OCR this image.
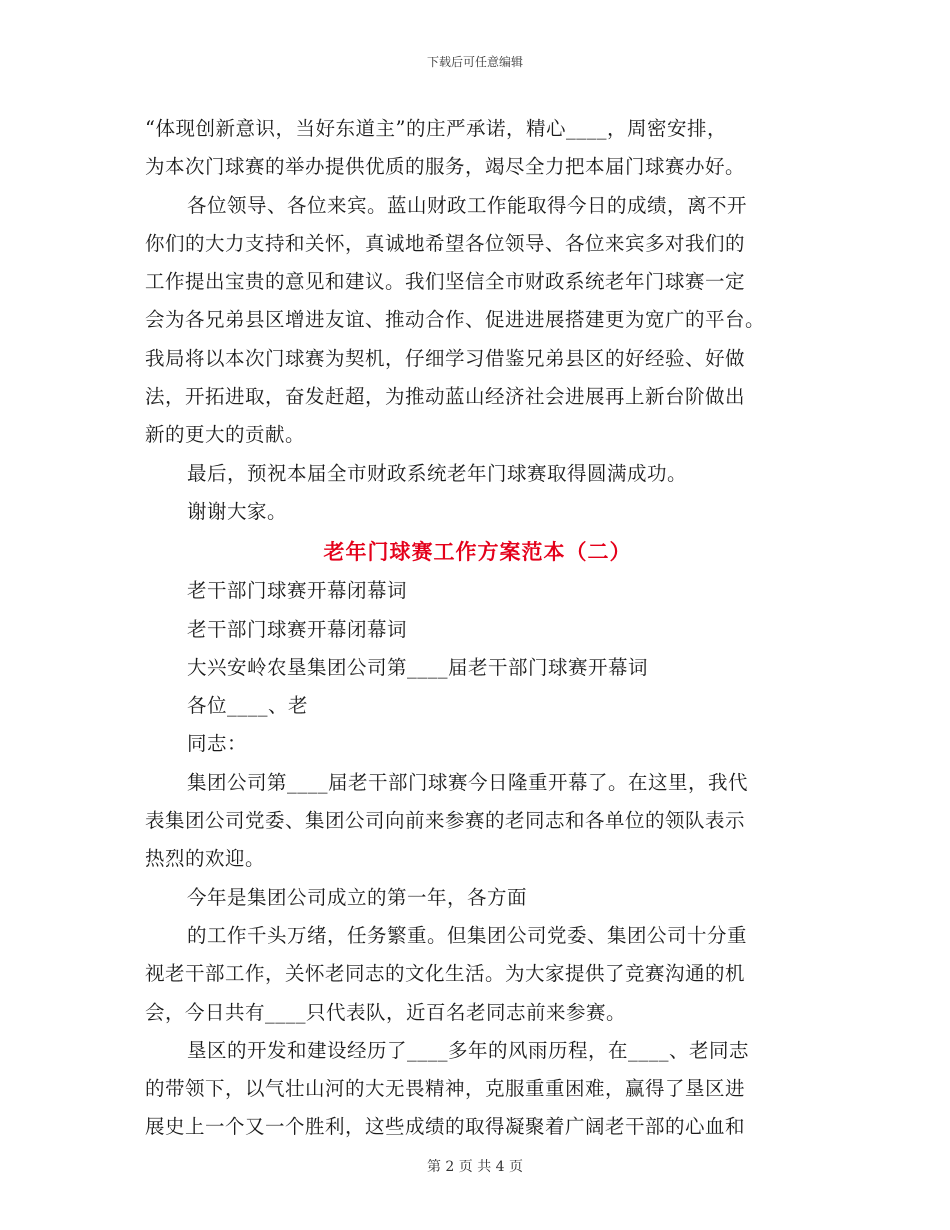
下载后可任意编辑
“体现创新意识，当好东道主”的庄严承诺，精心____，周密安排，
为本次门球赛的举办提供优质的服务，竭尽全力把本届门球赛办好。
各位领导、各位来宾。蓝山财政工作能取得今日的成绩，离不开
你们的大力支持和关怀，真诚地希望各位领导、各位来宾多对我们的
工作提出宝贵的意见和建议。我们坚信全市财政系统老年门球赛一定
会为各兄弟县区增进友谊、推动合作、促进进展搭建更为宽广的平台。
我局将以本次门球赛为契机，仔细学习借鉴兄弟县区的好经验、好做
法，开拓进取，奋发赶超，为推动蓝山经济社会进展再上新台阶做出
新的更大的贡献。
最后，预祝本届全市财政系统老年门球赛取得圆满成功。
谢谢大家。
老年门球赛工作方案范本（二）
老干部门球赛开幕闭幕词
老干部门球赛开幕闭幕词
大兴安岭农垦集团公司第____届老干部门球赛开幕词
各位____、老
同志：
集团公司第____届老干部门球赛今日隆重开幕了。在这里，我代
表集团公司党委、集团公司向前来参赛的老同志和各单位的领队表示
热烈的欢迎。
今年是集团公司成立的第一年，各方面
的工作千头万绪，任务繁重。但集团公司党委、集团公司十分重
视老干部工作，关怀老同志的文化生活。为大家提供了竞赛沟通的机
会，今日共有____只代表队，近百名老同志前来参赛。
垦区的开发和建设经历了____多年的风雨历程，在____、老同志
的带领下，以气壮山河的大无畏精神，克服重重困难，赢得了垦区进
展史上一个又一个胜利，这些成绩的取得凝聚着广阔老干部的心血和
第 2 页 共 4 页
